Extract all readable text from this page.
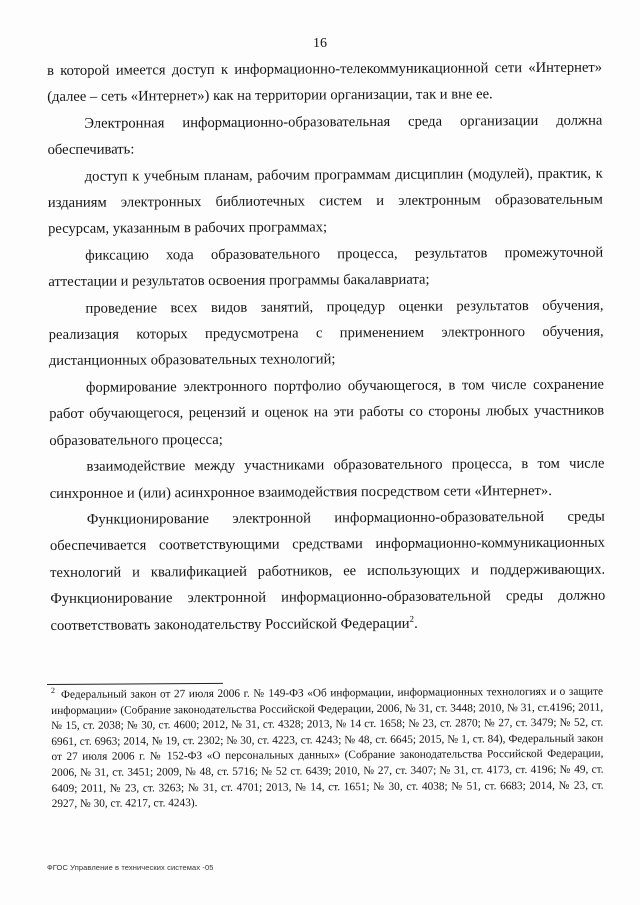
16

в которой имеется доступ к информационно-телекоммуникационной сети «Интернет» (далее – сеть «Интернет») как на территории организации, так и вне ее.

Электронная информационно-образовательная среда организации должна обеспечивать:

доступ к учебным планам, рабочим программам дисциплин (модулей), практик, к изданиям электронных библиотечных систем и электронным образовательным ресурсам, указанным в рабочих программах;

фиксацию хода образовательного процесса, результатов промежуточной аттестации и результатов освоения программы бакалавриата;

проведение всех видов занятий, процедур оценки результатов обучения, реализация которых предусмотрена с применением электронного обучения, дистанционных образовательных технологий;

формирование электронного портфолио обучающегося, в том числе сохранение работ обучающегося, рецензий и оценок на эти работы со стороны любых участников образовательного процесса;

взаимодействие между участниками образовательного процесса, в том числе синхронное и (или) асинхронное взаимодействия посредством сети «Интернет».

Функционирование электронной информационно-образовательной среды обеспечивается соответствующими средствами информационно-коммуникационных технологий и квалификацией работников, ее использующих и поддерживающих. Функционирование электронной информационно-образовательной среды должно соответствовать законодательству Российской Федерации$^2$.

$^2$ Федеральный закон от 27 июля 2006 г. № 149-ФЗ «Об информации, информационных технологиях и о защите информации» (Собрание законодательства Российской Федерации, 2006, № 31, ст. 3448; 2010, № 31, ст.4196; 2011, № 15, ст. 2038; № 30, ст. 4600; 2012, № 31, ст. 4328; 2013, № 14 ст. 1658; № 23, ст. 2870; № 27, ст. 3479; № 52, ст. 6961, ст. 6963; 2014, № 19, ст. 2302; № 30, ст. 4223, ст. 4243; № 48, ст. 6645; 2015, № 1, ст. 84), Федеральный закон от 27 июля 2006 г. № 152-ФЗ «О персональных данных» (Собрание законодательства Российской Федерации, 2006, № 31, ст. 3451; 2009, № 48, ст. 5716; № 52 ст. 6439; 2010, № 27, ст. 3407; № 31, ст. 4173, ст. 4196; № 49, ст. 6409; 2011, № 23, ст. 3263; № 31, ст. 4701; 2013, № 14, ст. 1651; № 30, ст. 4038; № 51, ст. 6683; 2014, № 23, ст. 2927, № 30, ст. 4217, ст. 4243).

ФГОС Управление в технических системах -05
